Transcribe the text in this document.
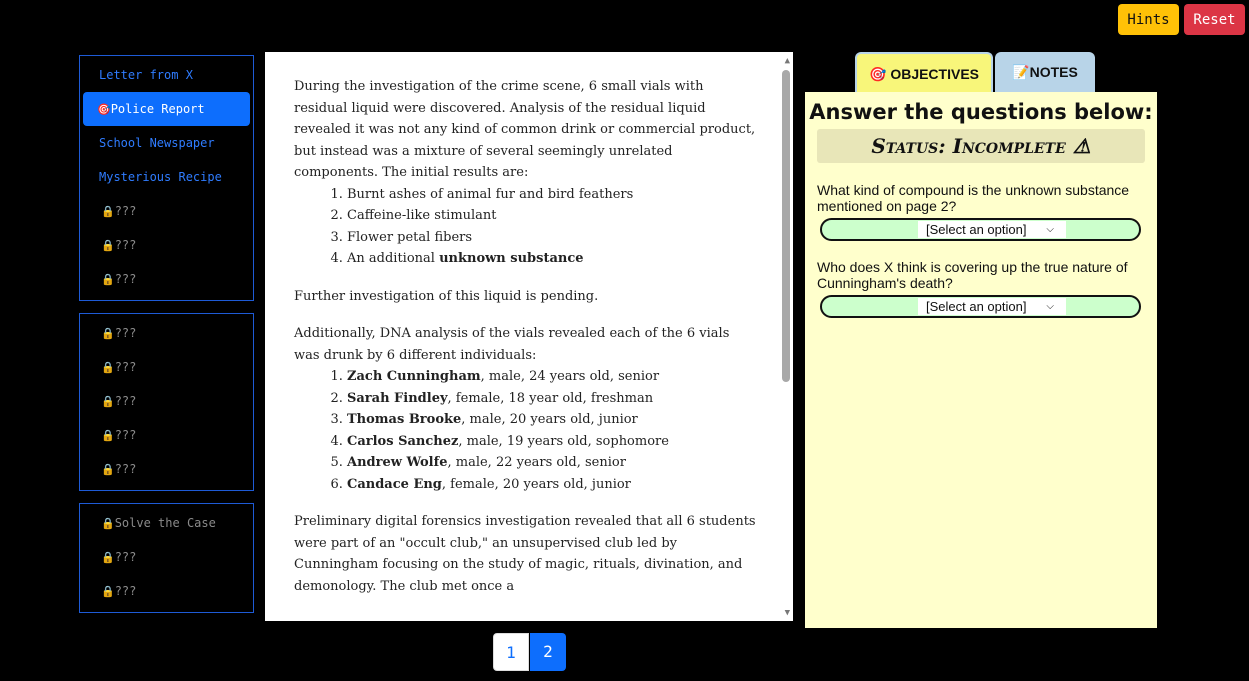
Hints	Reset
Letter from X
🎯Police Report
School Newspaper
Mysterious Recipe
🔒???
🔒???
🔒???
🔒???
🔒???
🔒???
🔒???
🔒???
🔒Solve the Case
🔒???
🔒???

During the investigation of the crime scene, 6 small vials with residual liquid were discovered. Analysis of the residual liquid revealed it was not any kind of common drink or commercial product, but instead was a mixture of several seemingly unrelated components. The initial results are:

1. Burnt ashes of animal fur and bird feathers
2. Caffeine-like stimulant
3. Flower petal fibers
4. An additional unknown substance

Further investigation of this liquid is pending.

Additionally, DNA analysis of the vials revealed each of the 6 vials was drunk by 6 different individuals:

1. Zach Cunningham, male, 24 years old, senior
2. Sarah Findley, female, 18 year old, freshman
3. Thomas Brooke, male, 20 years old, junior
4. Carlos Sanchez, male, 19 years old, sophomore
5. Andrew Wolfe, male, 22 years old, senior
6. Candace Eng, female, 20 years old, junior

Preliminary digital forensics investigation revealed that all 6 students were part of an "occult club," an unsupervised club led by Cunningham focusing on the study of magic, rituals, divination, and demonology. The club met once a

▲
▼
1	2
🎯 OBJECTIVES	📝NOTES
Answer the questions below:
Status: Incomplete ⚠
What kind of compound is the unknown substance mentioned on page 2?
[Select an option] ⌵
Who does X think is covering up the true nature of Cunningham's death?
[Select an option] ⌵
